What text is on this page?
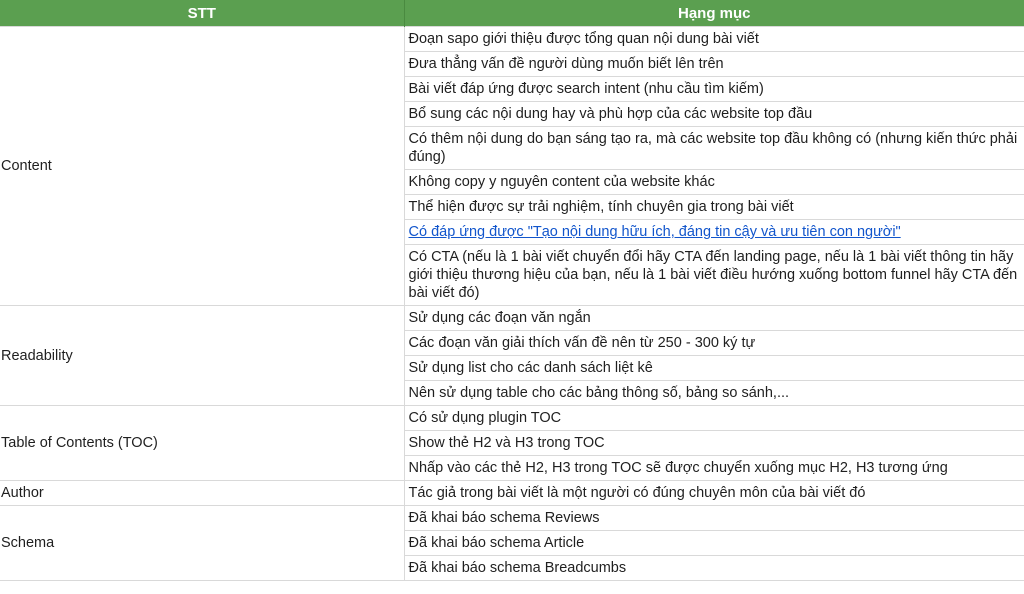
STT	Hạng mục
Content	Đoạn sapo giới thiệu được tổng quan nội dung bài viết
	Đưa thẳng vấn đề người dùng muốn biết lên trên
	Bài viết đáp ứng được search intent (nhu cầu tìm kiếm)
	Bổ sung các nội dung hay và phù hợp của các website top đầu
	Có thêm nội dung do bạn sáng tạo ra, mà các website top đầu không có (nhưng kiến thức phải đúng)
	Không copy y nguyên content của website khác
	Thể hiện được sự trải nghiệm, tính chuyên gia trong bài viết
	Có đáp ứng được "Tạo nội dung hữu ích, đáng tin cậy và ưu tiên con người"
	Có CTA (nếu là 1 bài viết chuyển đổi hãy CTA đến landing page, nếu là 1 bài viết thông tin hãy giới thiệu thương hiệu của bạn, nếu là 1 bài viết điều hướng xuống bottom funnel hãy CTA đến bài viết đó)
Readability	Sử dụng các đoạn văn ngắn
	Các đoạn văn giải thích vấn đề nên từ 250 - 300 ký tự
	Sử dụng list cho các danh sách liệt kê
	Nên sử dụng table cho các bảng thông số, bảng so sánh,...
Table of Contents (TOC)	Có sử dụng plugin TOC
	Show thẻ H2 và H3 trong TOC
	Nhấp vào các thẻ H2, H3 trong TOC sẽ được chuyển xuống mục H2, H3 tương ứng
Author	Tác giả trong bài viết là một người có đúng chuyên môn của bài viết đó
Schema	Đã khai báo schema Reviews
	Đã khai báo schema Article
	Đã khai báo schema Breadcumbs
